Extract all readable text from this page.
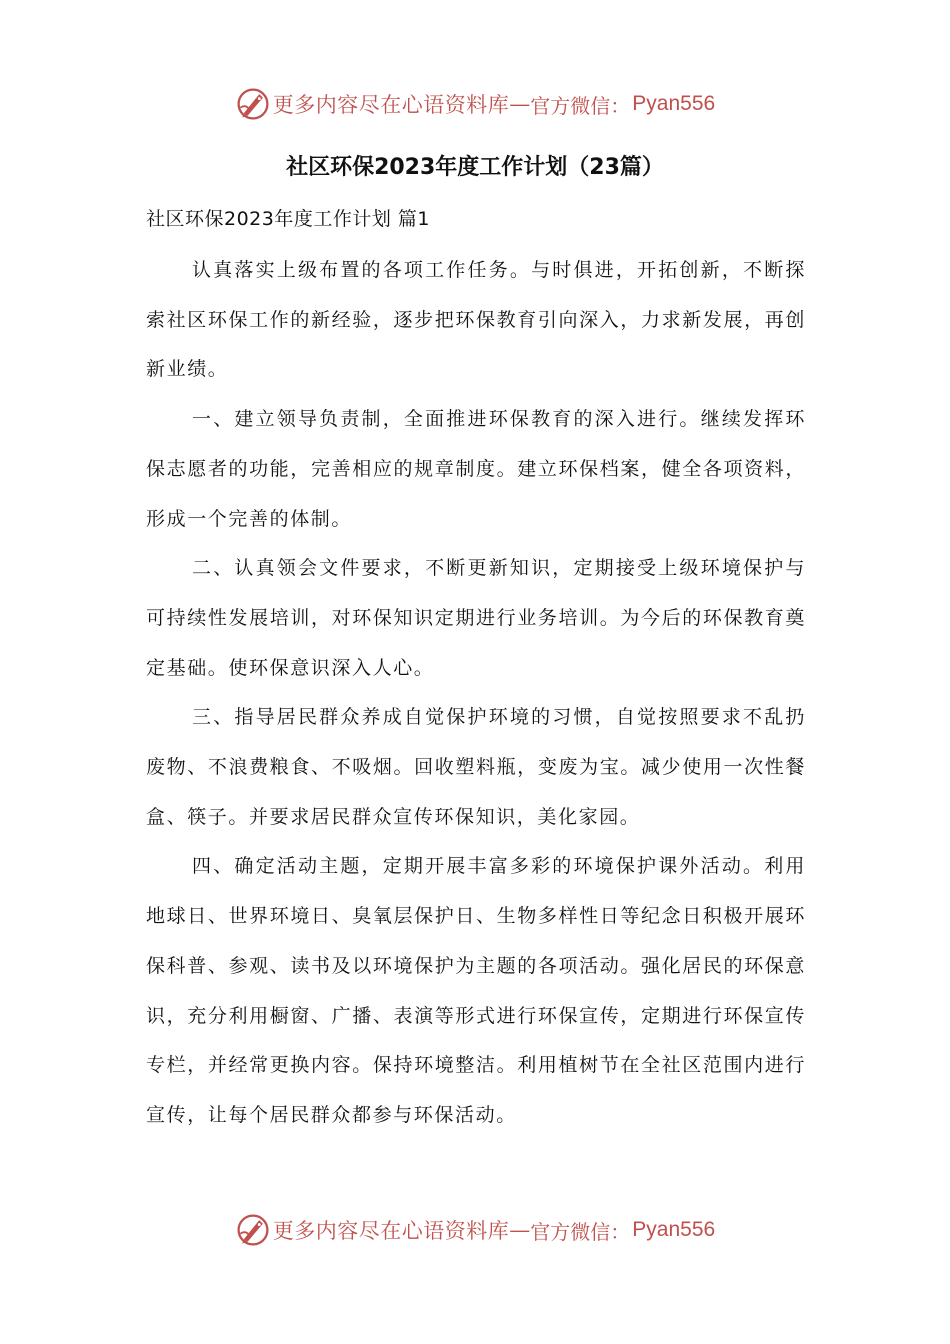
更多内容尽在心语资料库 — 官方微信： Pyan556
社区环保2023年度工作计划（23篇）
社区环保2023年度工作计划 篇1

认真落实上级布置的各项工作任务。与时俱进，开拓创新，不断探索社区环保工作的新经验，逐步把环保教育引向深入，力求新发展，再创新业绩。

一、建立领导负责制，全面推进环保教育的深入进行。继续发挥环保志愿者的功能，完善相应的规章制度。建立环保档案，健全各项资料，形成一个完善的体制。

二、认真领会文件要求，不断更新知识，定期接受上级环境保护与可持续性发展培训，对环保知识定期进行业务培训。为今后的环保教育奠定基础。使环保意识深入人心。

三、指导居民群众养成自觉保护环境的习惯，自觉按照要求不乱扔废物、不浪费粮食、不吸烟。回收塑料瓶，变废为宝。减少使用一次性餐盒、筷子。并要求居民群众宣传环保知识，美化家园。

四、确定活动主题，定期开展丰富多彩的环境保护课外活动。利用地球日、世界环境日、臭氧层保护日、生物多样性日等纪念日积极开展环保科普、参观、读书及以环境保护为主题的各项活动。强化居民的环保意识，充分利用橱窗、广播、表演等形式进行环保宣传，定期进行环保宣传专栏，并经常更换内容。保持环境整洁。利用植树节在全社区范围内进行宣传，让每个居民群众都参与环保活动。

更多内容尽在心语资料库 — 官方微信： Pyan556
